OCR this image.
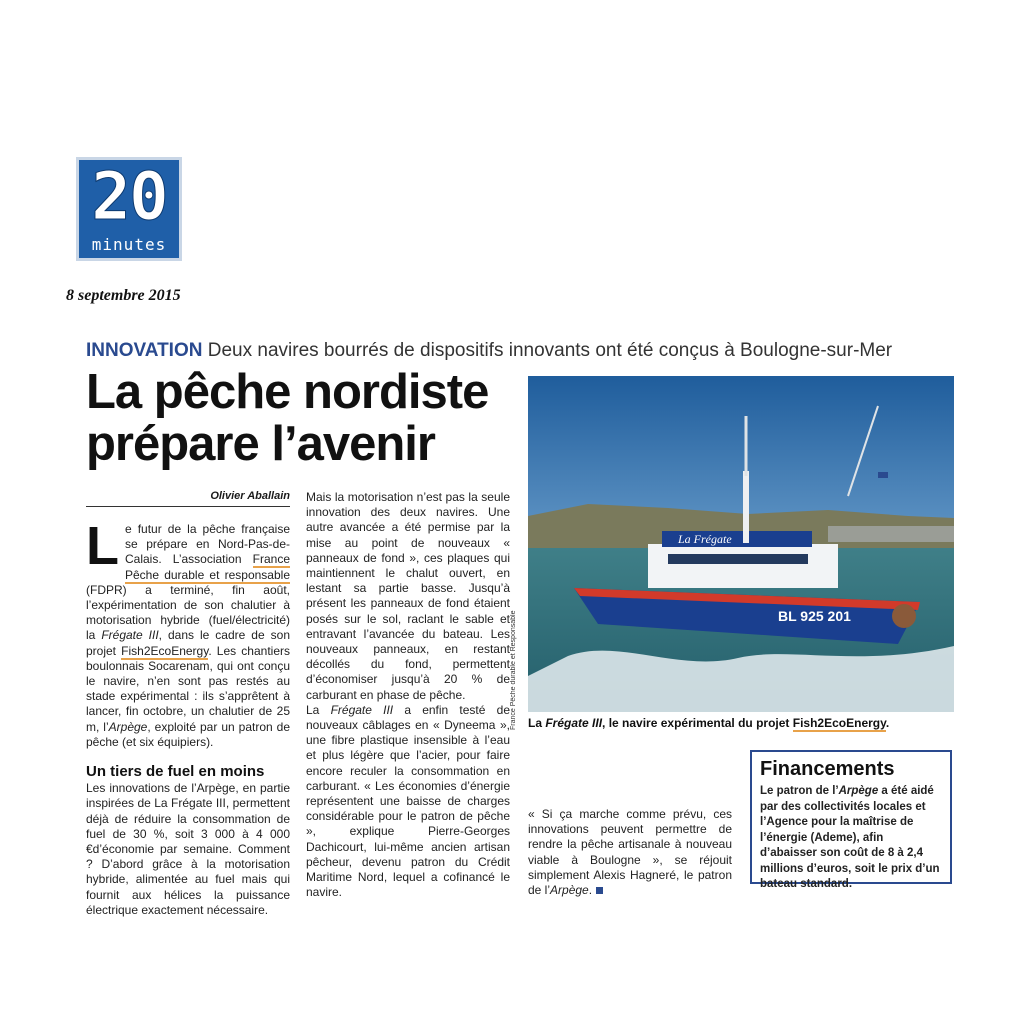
20
minutes
8 septembre 2015
INNOVATION Deux navires bourrés de dispositifs innovants ont été conçus à Boulogne-sur-Mer
La pêche nordiste prépare l’avenir
Olivier Aballain

Le futur de la pêche française se prépare en Nord-Pas-de-Calais. L’association France Pêche durable et responsable (FDPR) a terminé, fin août, l’expérimentation de son chalutier à motorisation hybride (fuel/électricité) la Frégate III, dans le cadre de son projet Fish2EcoEnergy. Les chantiers boulonnais Socarenam, qui ont conçu le navire, n’en sont pas restés au stade expérimental : ils s’apprêtent à lancer, fin octobre, un chalutier de 25 m, l’Arpège, exploité par un patron de pêche (et six équipiers).

Un tiers de fuel en moins

Les innovations de l’Arpège, en partie inspirées de La Frégate III, permettent déjà de réduire la consommation de fuel de 30 %, soit 3 000 à 4 000 €d’économie par semaine. Comment ? D’abord grâce à la motorisation hybride, alimentée au fuel mais qui fournit aux hélices la puissance électrique exactement nécessaire.

Mais la motorisation n’est pas la seule innovation des deux navires. Une autre avancée a été permise par la mise au point de nouveaux « panneaux de fond », ces plaques qui maintiennent le chalut ouvert, en lestant sa partie basse. Jusqu’à présent les panneaux de fond étaient posés sur le sol, raclant le sable et entravant l’avancée du bateau. Les nouveaux panneaux, en restant décollés du fond, permettent d’économiser jusqu’à 20 % de carburant en phase de pêche.

La Frégate III a enfin testé de nouveaux câblages en « Dyneema », une fibre plastique insensible à l’eau et plus légère que l’acier, pour faire encore reculer la consommation en carburant. « Les économies d’énergie représentent une baisse de charges considérable pour le patron de pêche », explique Pierre-Georges Dachicourt, lui-même ancien artisan pêcheur, devenu patron du Crédit Maritime Nord, lequel a cofinancé le navire.

« Si ça marche comme prévu, ces innovations peuvent permettre de rendre la pêche artisanale à nouveau viable à Boulogne », se réjouit simplement Alexis Hagneré, le patron de l’Arpège.

La Frégate
BL 925 201
France Pêche durable et Responsable La Frégate III, le navire expérimental du projet Fish2EcoEnergy.
Financements
Le patron de l’Arpège a été aidé par des collectivités locales et l’Agence pour la maîtrise de l’énergie (Ademe), afin d’abaisser son coût de 8 à 2,4 millions d’euros, soit le prix d’un bateau standard.
